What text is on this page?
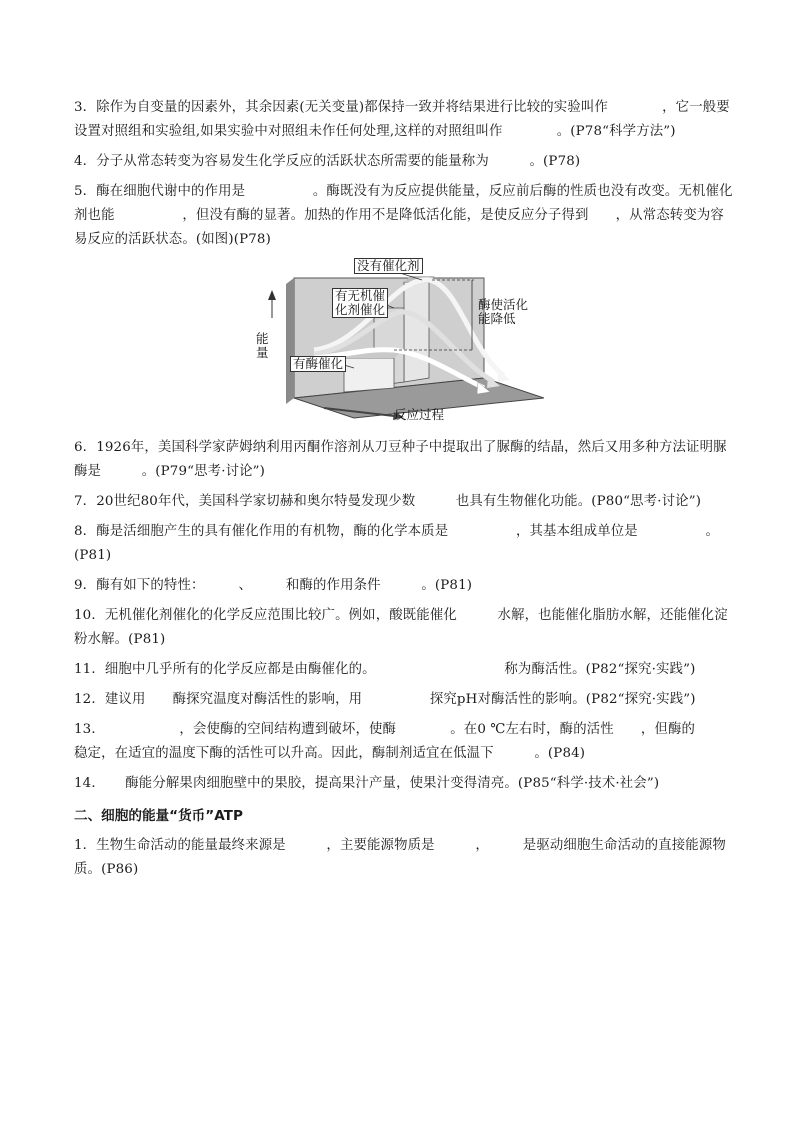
3．除作为自变量的因素外，其余因素(无关变量)都保持一致并将结果进行比较的实验叫作　　　　，它一般要设置对照组和实验组,如果实验中对照组未作任何处理,这样的对照组叫作　　　　。(P78“科学方法”)

4．分子从常态转变为容易发生化学反应的活跃状态所需要的能量称为　　　。(P78)

5．酶在细胞代谢中的作用是　　　　　。酶既没有为反应提供能量，反应前后酶的性质也没有改变。无机催化剂也能　　　　　，但没有酶的显著。加热的作用不是降低活化能，是使反应分子得到　　，从常态转变为容易反应的活跃状态。(如图)(P78)

没有催化剂
有无机催
化剂催化
有酶催化
酶使活化
能降低
能
量
反应过程

6．1926年，美国科学家萨姆纳利用丙酮作溶剂从刀豆种子中提取出了脲酶的结晶，然后又用多种方法证明脲酶是　　　。(P79“思考·讨论”)

7．20世纪80年代，美国科学家切赫和奥尔特曼发现少数　　　也具有生物催化功能。(P80“思考·讨论”)

8．酶是活细胞产生的具有催化作用的有机物，酶的化学本质是　　　　　，其基本组成单位是　　　　　。(P81)

9．酶有如下的特性：　　　、　　　和酶的作用条件　　　。(P81)

10．无机催化剂催化的化学反应范围比较广。例如，酸既能催化　　　水解，也能催化脂肪水解，还能催化淀粉水解。(P81)

11．细胞中几乎所有的化学反应都是由酶催化的。　　　　　　　　　　称为酶活性。(P82“探究·实践”)

12．建议用　　酶探究温度对酶活性的影响，用　　　　　探究pH对酶活性的影响。(P82“探究·实践”)

13．　　　　　　，会使酶的空间结构遭到破坏，使酶　　　　。在0 ℃左右时，酶的活性　　，但酶的　　　　稳定，在适宜的温度下酶的活性可以升高。因此，酶制剂适宜在低温下　　　。(P84)

14．　　酶能分解果肉细胞壁中的果胶，提高果汁产量，使果汁变得清亮。(P85“科学·技术·社会”)

二、细胞的能量“货币”ATP

1．生物生命活动的能量最终来源是　　　，主要能源物质是　　　，　　　是驱动细胞生命活动的直接能源物质。(P86)
